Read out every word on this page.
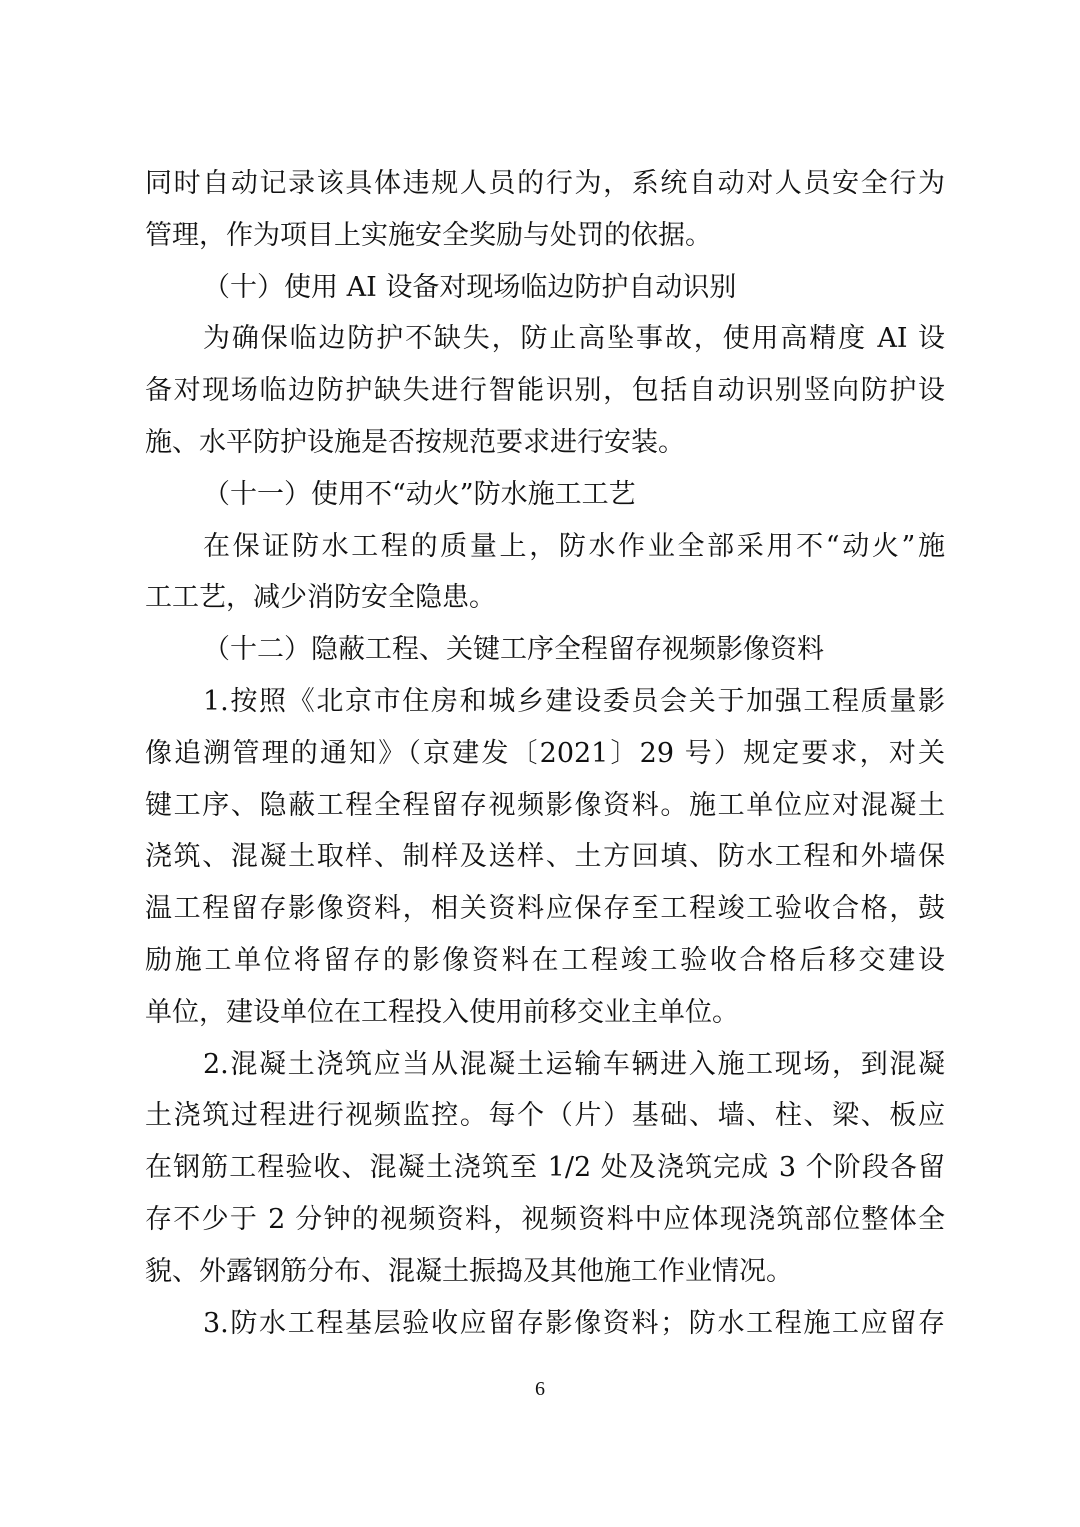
同时自动记录该具体违规人员的行为，系统自动对人员安全行为
管理，作为项目上实施安全奖励与处罚的依据。
（十）使用 AI 设备对现场临边防护自动识别
为确保临边防护不缺失，防止高坠事故，使用高精度 AI 设
备对现场临边防护缺失进行智能识别，包括自动识别竖向防护设
施、水平防护设施是否按规范要求进行安装。
（十一）使用不“动火”防水施工工艺
在保证防水工程的质量上，防水作业全部采用不“动火”施
工工艺，减少消防安全隐患。
（十二）隐蔽工程、关键工序全程留存视频影像资料
1.按照《北京市住房和城乡建设委员会关于加强工程质量影
像追溯管理的通知》（京建发〔2021〕29 号）规定要求，对关
键工序、隐蔽工程全程留存视频影像资料。施工单位应对混凝土
浇筑、混凝土取样、制样及送样、土方回填、防水工程和外墙保
温工程留存影像资料，相关资料应保存至工程竣工验收合格，鼓
励施工单位将留存的影像资料在工程竣工验收合格后移交建设
单位，建设单位在工程投入使用前移交业主单位。
2.混凝土浇筑应当从混凝土运输车辆进入施工现场，到混凝
土浇筑过程进行视频监控。每个（片）基础、墙、柱、梁、板应
在钢筋工程验收、混凝土浇筑至 1/2 处及浇筑完成 3 个阶段各留
存不少于 2 分钟的视频资料，视频资料中应体现浇筑部位整体全
貌、外露钢筋分布、混凝土振捣及其他施工作业情况。
3.防水工程基层验收应留存影像资料；防水工程施工应留存
6
